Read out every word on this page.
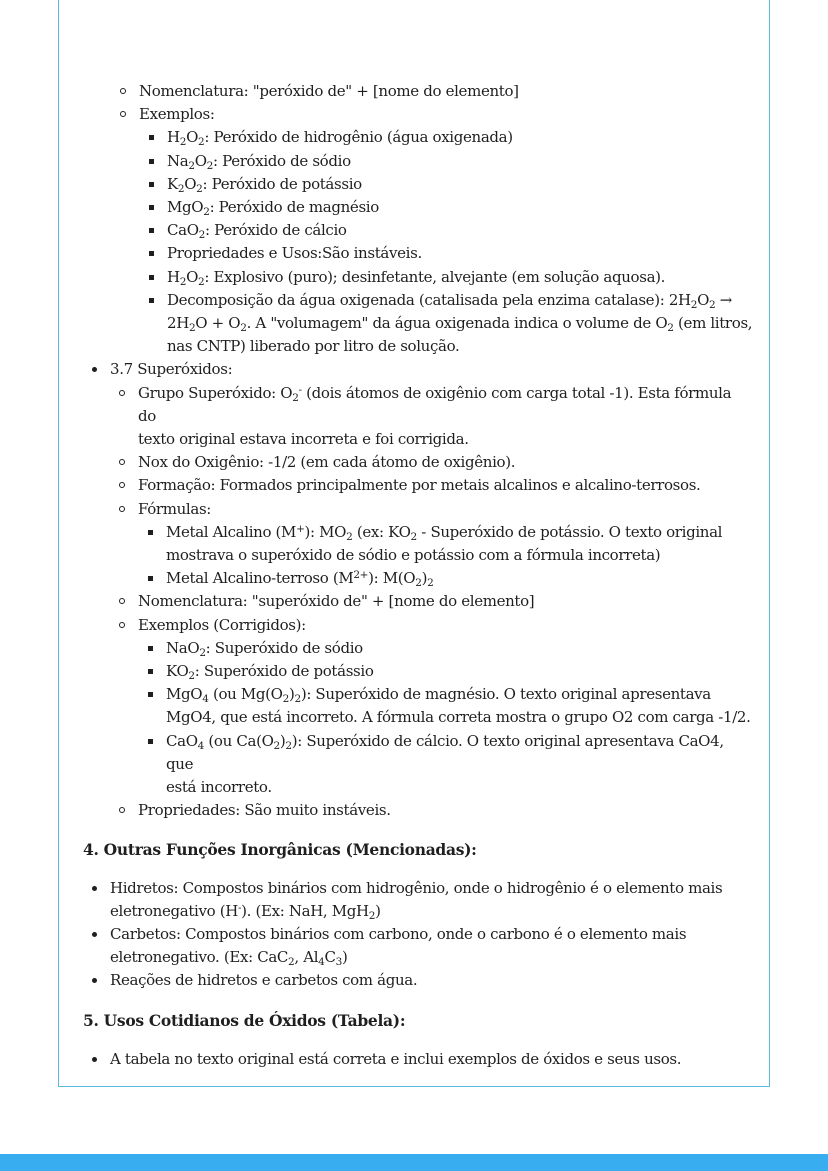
Nomenclatura: "peróxido de" + [nome do elemento]
Exemplos:
$H_2O_2$: Peróxido de hidrogênio (água oxigenada)
$Na_2O_2$: Peróxido de sódio
$K_2O_2$: Peróxido de potássio
MgO$_2$: Peróxido de magnésio
CaO$_2$: Peróxido de cálcio
Propriedades e Usos:São instáveis.
$H_2O_2$: Explosivo (puro); desinfetante, alvejante (em solução aquosa).
Decomposição da água oxigenada (catalisada pela enzima catalase): $2H_2O_2$ →
$2H_2O + O_2$. A "volumagem" da água oxigenada indica o volume de $O_2$ (em litros,
nas CNTP) liberado por litro de solução.
3.7 Superóxidos:
Grupo Superóxido: $O_2^-$ (dois átomos de oxigênio com carga total -1). Esta fórmula do
texto original estava incorreta e foi corrigida.
Nox do Oxigênio: -1/2 (em cada átomo de oxigênio).
Formação: Formados principalmente por metais alcalinos e alcalino-terrosos.
Fórmulas:
Metal Alcalino (M+): $MO_2$ (ex: $KO_2$ - Superóxido de potássio. O texto original
mostrava o superóxido de sódio e potássio com a fórmula incorreta)
Metal Alcalino-terroso $(M^{2+})$: $M(O_2)_2$
Nomenclatura: "superóxido de" + [nome do elemento]
Exemplos (Corrigidos):
NaO$_2$: Superóxido de sódio
$KO_2$: Superóxido de potássio
MgO$_4$ (ou $Mg(O_2)_2$): Superóxido de magnésio. O texto original apresentava
MgO4, que está incorreto. A fórmula correta mostra o grupo O2 com carga -1/2.
CaO$_4$ (ou $Ca(O_2)_2$): Superóxido de cálcio. O texto original apresentava CaO4, que
está incorreto.
Propriedades: São muito instáveis.
4. Outras Funções Inorgânicas (Mencionadas):
Hidretos: Compostos binários com hidrogênio, onde o hidrogênio é o elemento mais
eletronegativo (H-). (Ex: NaH, MgH$_2$)
Carbetos: Compostos binários com carbono, onde o carbono é o elemento mais
eletronegativo. (Ex: CaC$_2$, $Al_4C_3$)
Reações de hidretos e carbetos com água.
5. Usos Cotidianos de Óxidos (Tabela):
A tabela no texto original está correta e inclui exemplos de óxidos e seus usos.
